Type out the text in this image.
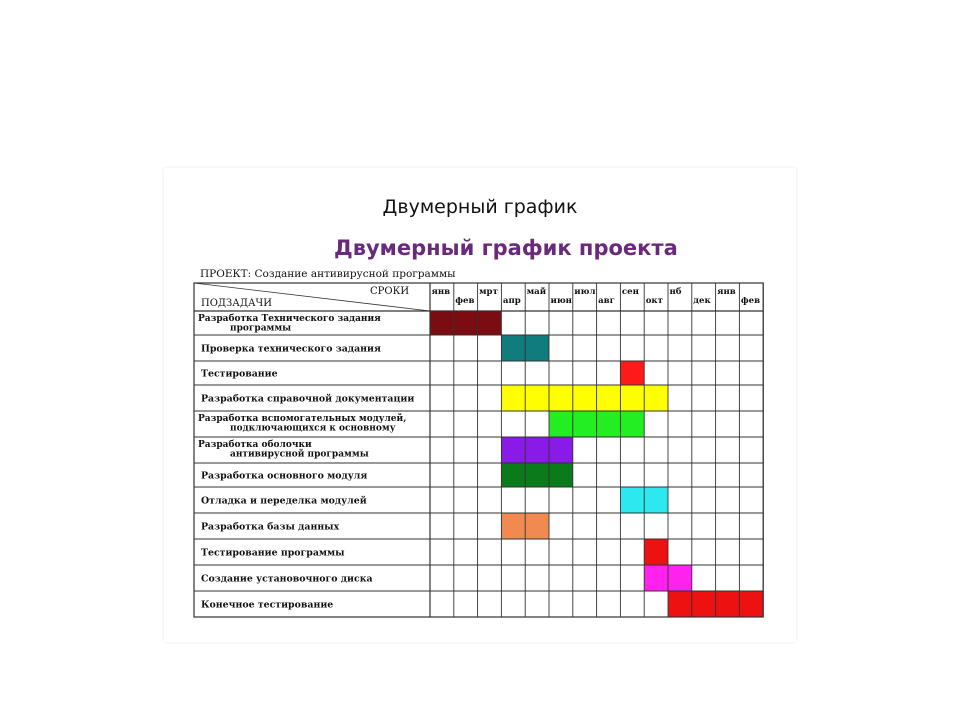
Двумерный график
Двумерный график проекта
ПРОЕКТ: Создание антивирусной программы
СРОКИ
ПОДЗАДАЧИ
янв
фев
мрт
апр
май
июн
июл
авг
сен
окт
нб
дек
янв
фев
Разработка Технического задания
программы
Проверка технического задания
Тестирование
Разработка справочной документации
Разработка вспомогательных модулей,
подключающихся к основному
Разработка оболочки
антивирусной программы
Разработка основного модуля
Отладка и переделка модулей
Разработка базы данных
Тестирование программы
Создание установочного диска
Конечное тестирование
